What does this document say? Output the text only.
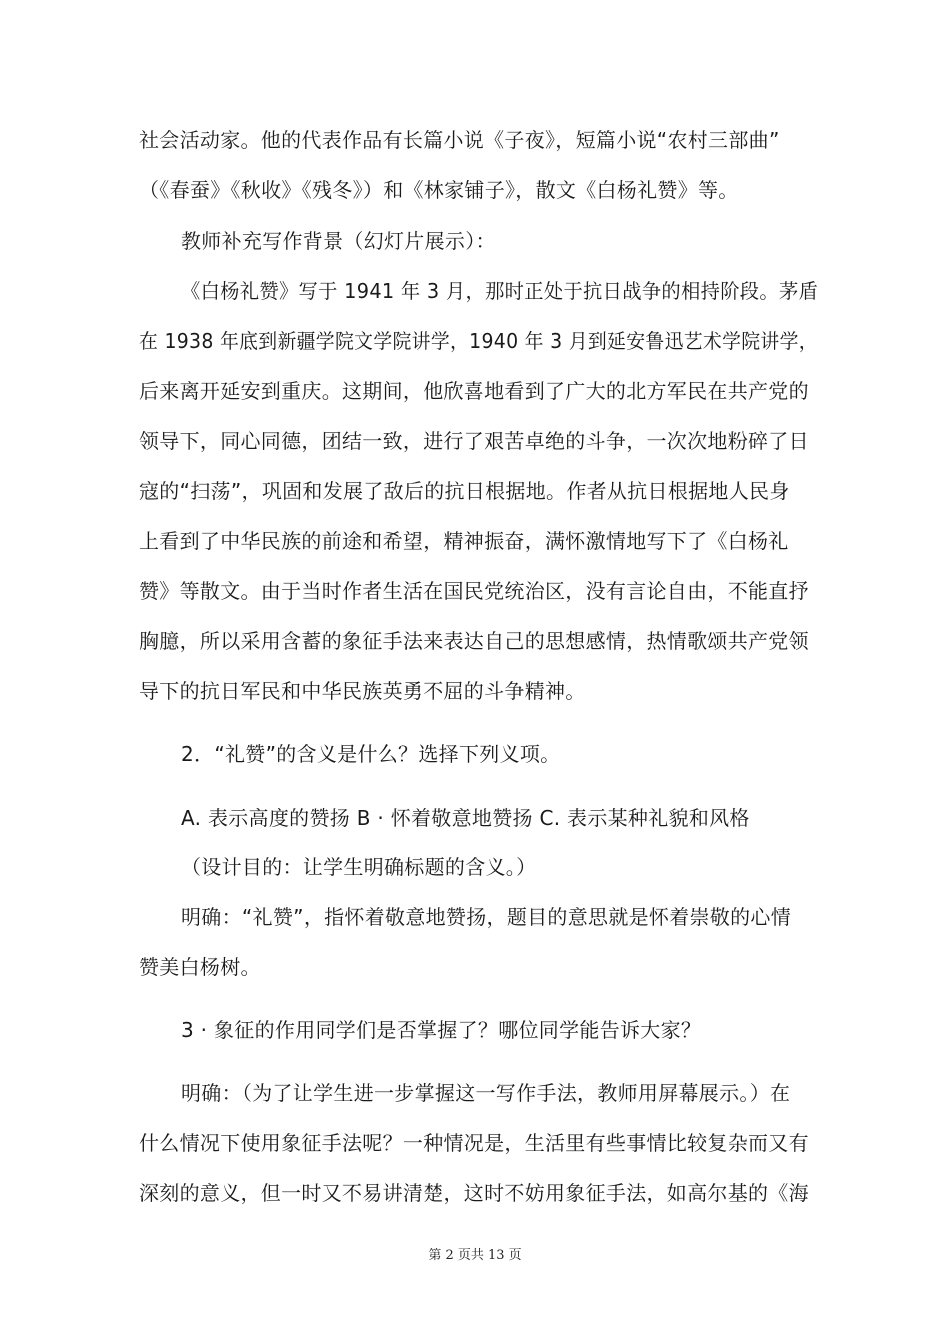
社会活动家。他的代表作品有长篇小说《子夜》，短篇小说“农村三部曲”
（《春蚕》《秋收》《残冬》）和《林家铺子》，散文《白杨礼赞》等。
教师补充写作背景（幻灯片展示）：
《白杨礼赞》写于 1941 年 3 月，那时正处于抗日战争的相持阶段。茅盾
在 1938 年底到新疆学院文学院讲学，1940 年 3 月到延安鲁迅艺术学院讲学，
后来离开延安到重庆。这期间，他欣喜地看到了广大的北方军民在共产党的
领导下，同心同德，团结一致，进行了艰苦卓绝的斗争，一次次地粉碎了日
寇的“扫荡”，巩固和发展了敌后的抗日根据地。作者从抗日根据地人民身
上看到了中华民族的前途和希望，精神振奋，满怀激情地写下了《白杨礼
赞》等散文。由于当时作者生活在国民党统治区，没有言论自由，不能直抒
胸臆，所以采用含蓄的象征手法来表达自己的思想感情，热情歌颂共产党领
导下的抗日军民和中华民族英勇不屈的斗争精神。
2．“礼赞”的含义是什么？选择下列义项。
A. 表示高度的赞扬 B · 怀着敬意地赞扬 C. 表示某种礼貌和风格
（设计目的：让学生明确标题的含义。）
明确：“礼赞”，指怀着敬意地赞扬，题目的意思就是怀着崇敬的心情
赞美白杨树。
3 · 象征的作用同学们是否掌握了？哪位同学能告诉大家？
明确：（为了让学生进一步掌握这一写作手法，教师用屏幕展示。）在
什么情况下使用象征手法呢？一种情况是，生活里有些事情比较复杂而又有
深刻的意义，但一时又不易讲清楚，这时不妨用象征手法，如高尔基的《海
第 2 页共 13 页
